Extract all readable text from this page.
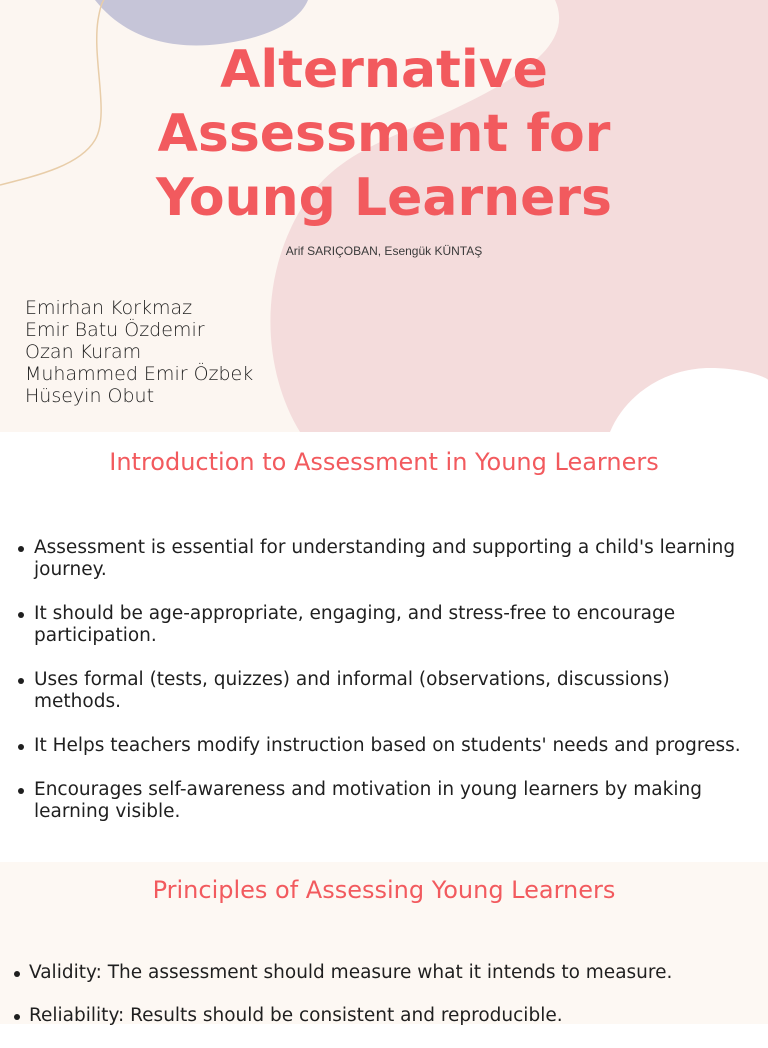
Alternative
Assessment for
Young Learners
Arif SARIÇOBAN, Esengük KÜNTAŞ
Emirhan Korkmaz
Emir Batu Özdemir
Ozan Kuram
Muhammed Emir Özbek
Hüseyin Obut
Introduction to Assessment in Young Learners
Assessment is essential for understanding and supporting a child's learning journey.
It should be age-appropriate, engaging, and stress-free to encourage participation.
Uses formal (tests, quizzes) and informal (observations, discussions) methods.
It Helps teachers modify instruction based on students' needs and progress.
Encourages self-awareness and motivation in young learners by making learning visible.
Principles of Assessing Young Learners
Validity: The assessment should measure what it intends to measure.
Reliability: Results should be consistent and reproducible.
